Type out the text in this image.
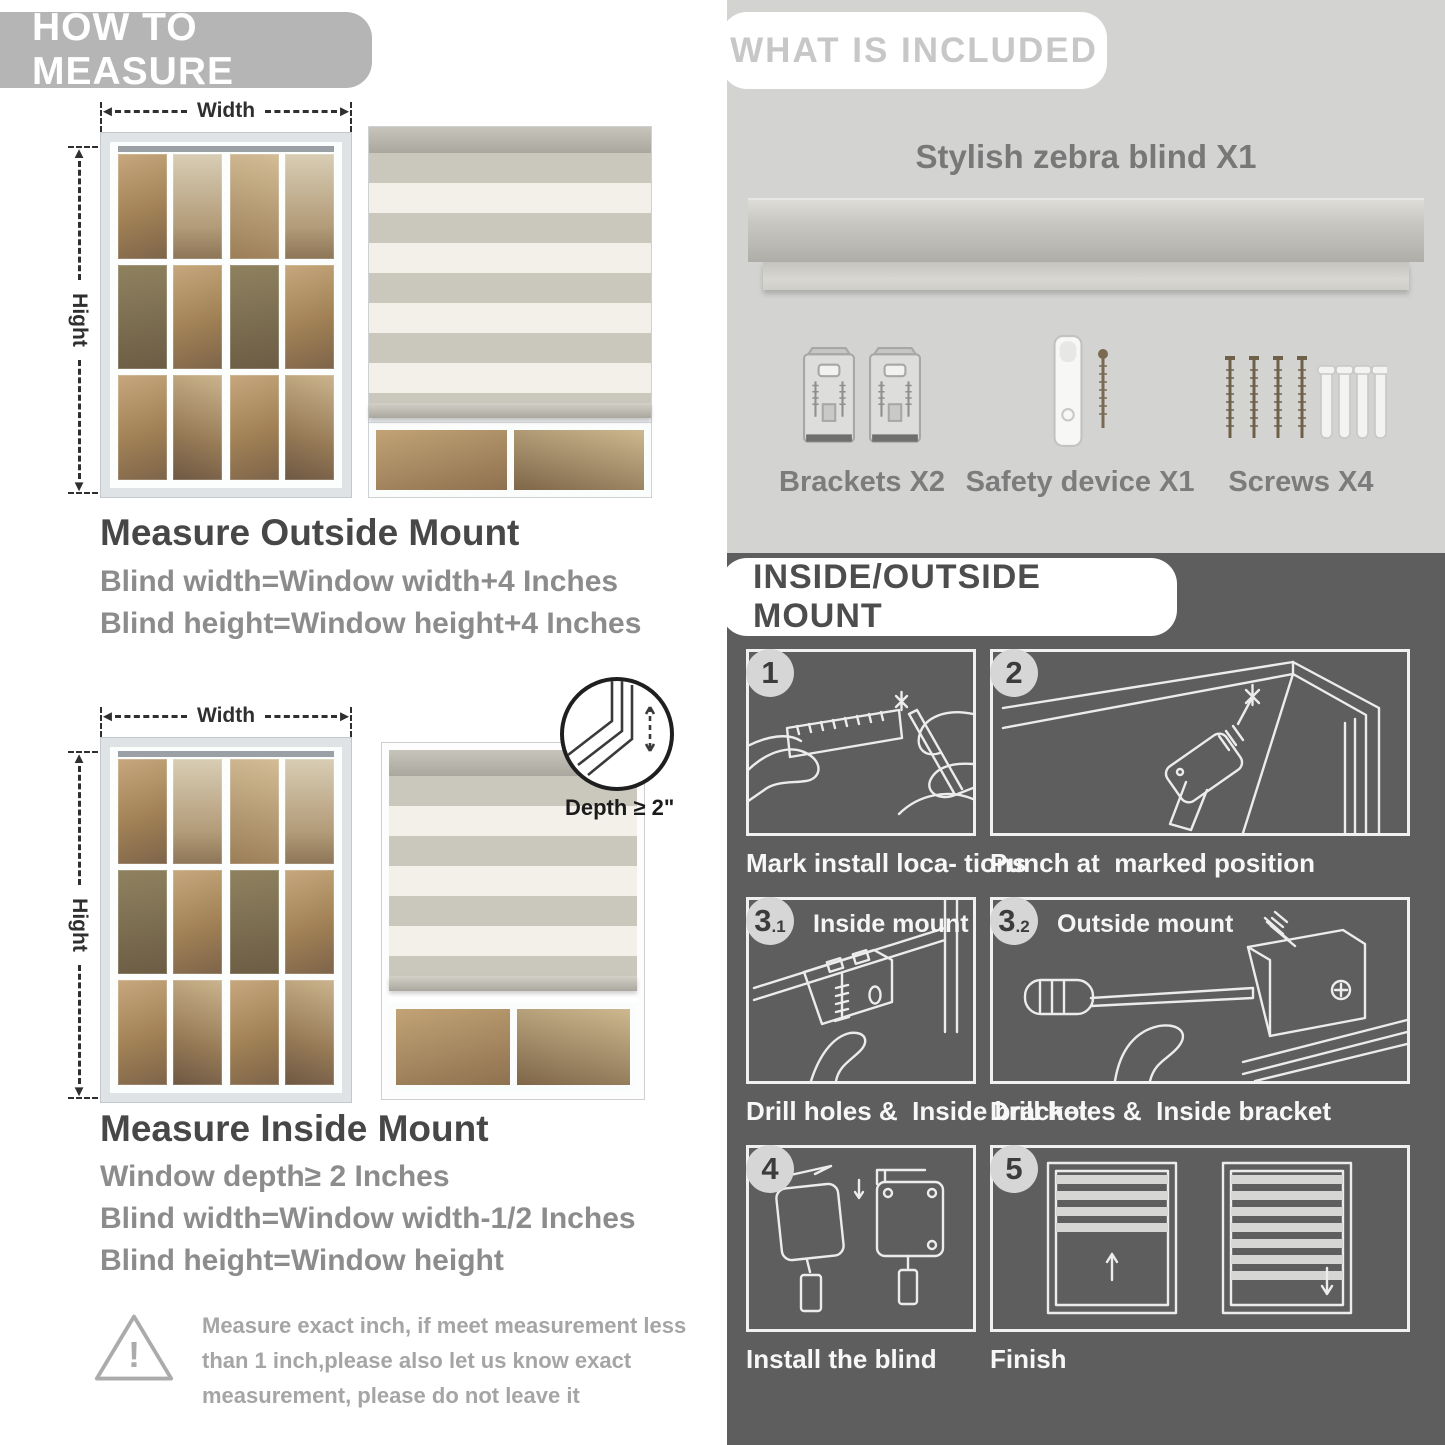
HOW TO MEASURE
◄	Width	►
▲
Hight
▼
Measure Outside Mount
Blind width=Window width+4 Inches
Blind height=Window height+4 Inches
◄	Width	►
▲
Hight
▼
Depth ≥ 2"
Measure Inside Mount
Window depth≥ 2 Inches
Blind width=Window width-1/2 Inches
Blind height=Window height
!
Measure exact inch, if meet measurement less than 1 inch,please also let us know exact measurement, please do not leave it
WHAT IS INCLUDED
Stylish zebra blind X1
Brackets X2 Safety device X1 Screws X4
INSIDE/OUTSIDE MOUNT
1
Mark install loca- tions
2
Punch at  marked position
3 .1 Inside mount
Drill holes &  Inside bracket
3 .2 Outside mount
Drill holes &  Inside bracket
4
Install the blind
5
Finish
